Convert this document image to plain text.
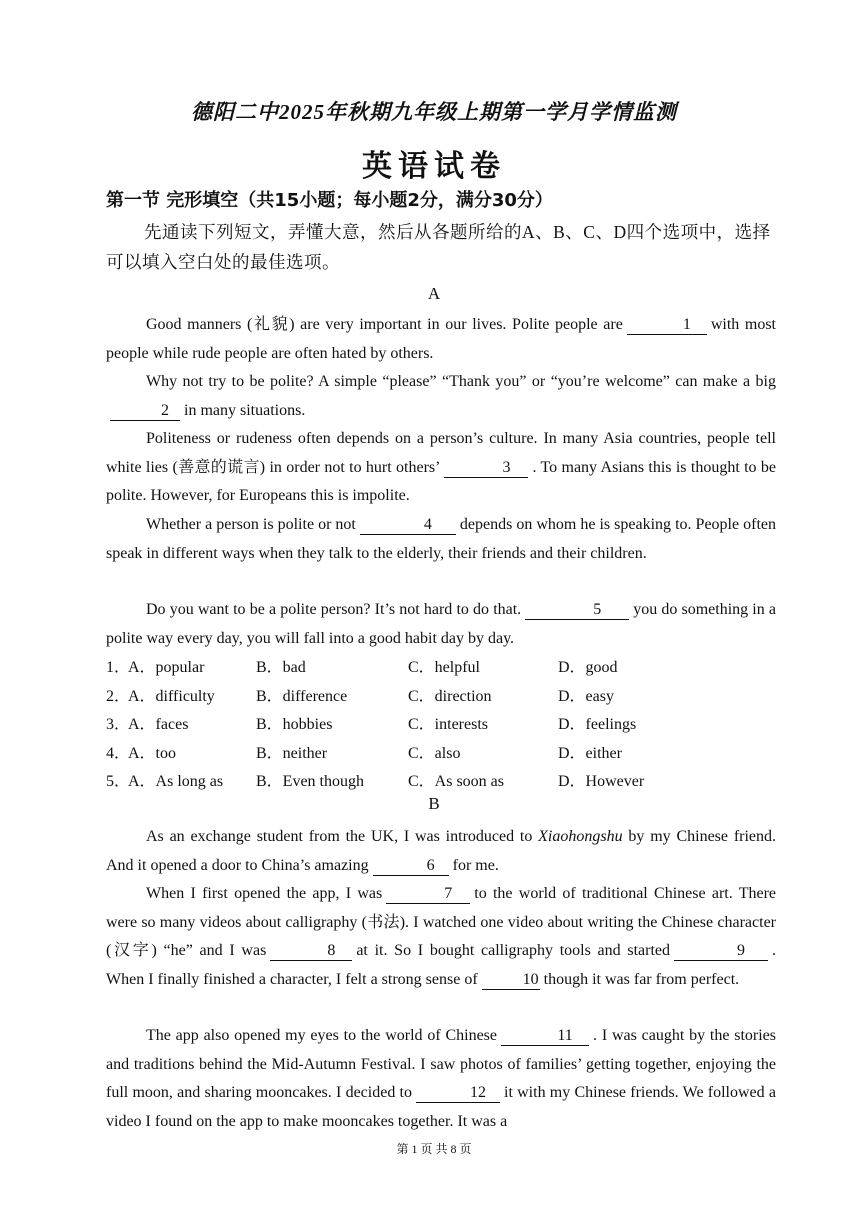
德阳二中2025年秋期九年级上期第一学月学情监测
英语试卷
第一节 完形填空（共15小题；每小题2分，满分30分）
先通读下列短文，弄懂大意，然后从各题所给的A、B、C、D四个选项中，选择可以填入空白处的最佳选项。
A
Good manners (礼貌) are very important in our lives. Polite people are	1 with most people while rude people are often hated by others.
Why not try to be polite? A simple “please” “Thank you” or “you’re welcome” can make a big2 in many situations.
Politeness or rudeness often depends on a person’s culture. In many Asia countries, people tell white lies (善意的谎言) in order not to hurt others’	3 . To many Asians this is thought to be polite. However, for Europeans this is impolite.
Whether a person is polite or not	4 depends on whom he is speaking to. People often speak in different ways when they talk to the elderly, their friends and their children.
Do you want to be a polite person? It’s not hard to do that.	5 you do something in a polite way every day, you will fall into a good habit day by day.
1．
A．popular	B．bad	C．helpful	D．good
2．
A．difficulty	B．difference	C．direction	D．easy
3．
A．faces	B．hobbies	C．interests	D．feelings
4．
A．too	B．neither	C．also	D．either
5．
A．As long as B．Even though	C．As soon as	D．However
B
As an exchange student from the UK, I was introduced to Xiaohongshu by my Chinese friend. And it opened a door to China’s amazing	6 for me.
When I first opened the app, I was	7 to the world of traditional Chinese art. There were so many videos about calligraphy (书法). I watched one video about writing the Chinese character (汉字) “he” and I was	8 at it. So I bought calligraphy tools and started	9 . When I finally finished a character, I felt a strong sense of	10 though it was far from perfect.
The app also opened my eyes to the world of Chinese	11 . I was caught by the stories and traditions behind the Mid-Autumn Festival. I saw photos of families’ getting together, enjoying the full moon, and sharing mooncakes. I decided to	12 it with my Chinese friends. We followed a video I found on the app to make mooncakes together. It was a
第 1 页 共 8 页
